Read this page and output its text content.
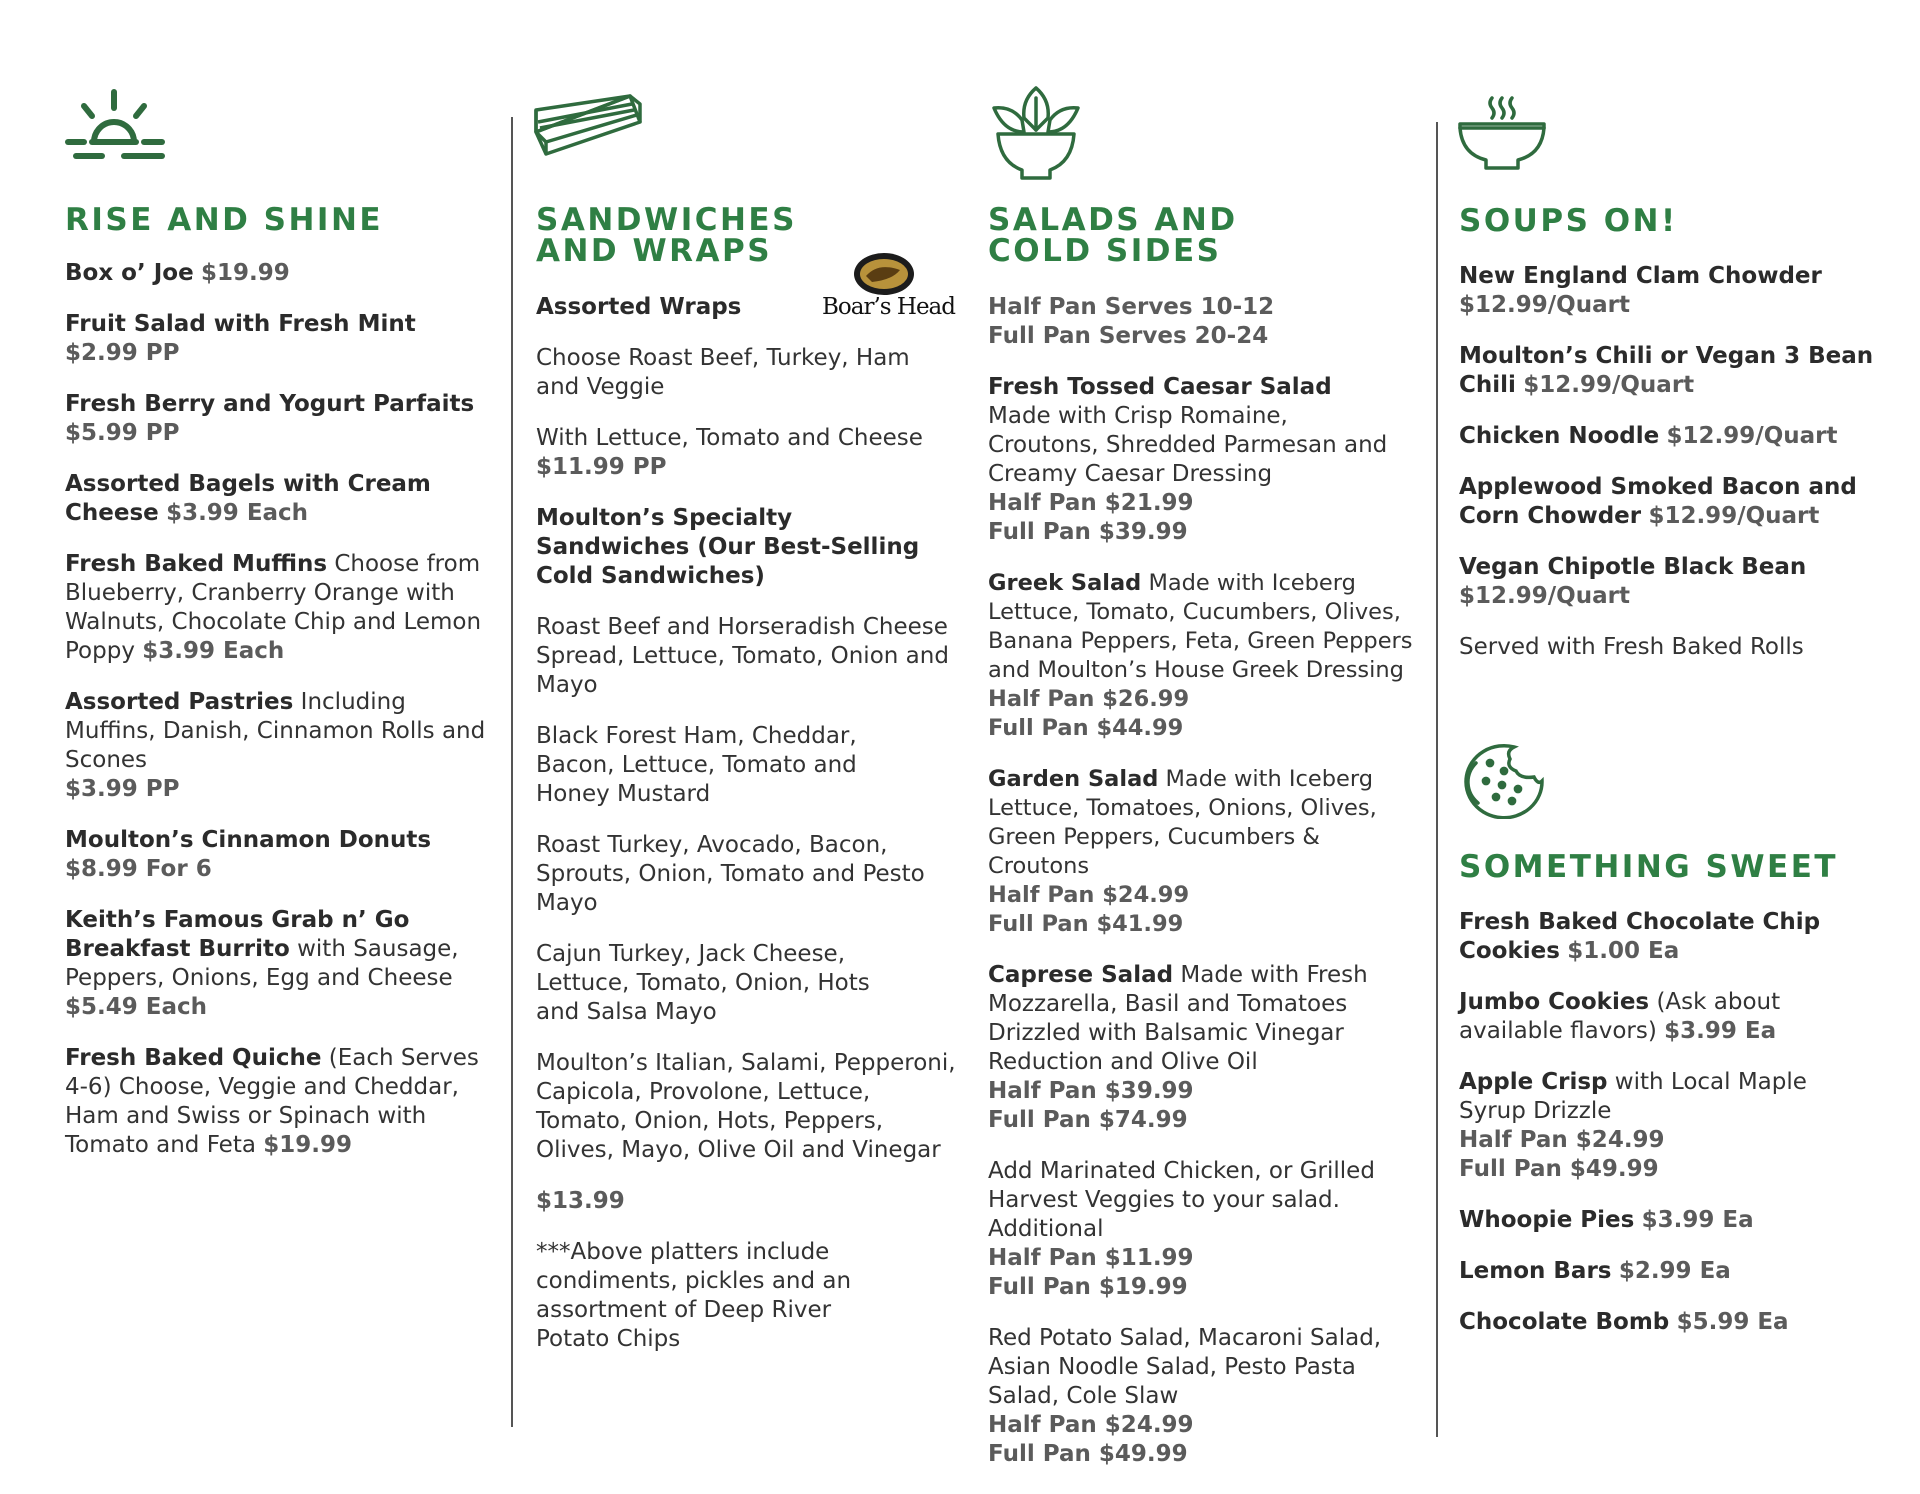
RISE AND SHINE
Box o’ Joe $19.99
Fruit Salad with Fresh Mint
$2.99 PP
Fresh Berry and Yogurt Parfaits
$5.99 PP
Assorted Bagels with Cream Cheese $3.99 Each
Fresh Baked Muffins Choose from Blueberry, Cranberry Orange with Walnuts, Chocolate Chip and Lemon Poppy $3.99 Each
Assorted Pastries Including Muffins, Danish, Cinnamon Rolls and Scones
$3.99 PP
Moulton’s Cinnamon Donuts
$8.99 For 6
Keith’s Famous Grab n’ Go Breakfast Burrito with Sausage, Peppers, Onions, Egg and Cheese
$5.49 Each
Fresh Baked Quiche (Each Serves 4-6) Choose, Veggie and Cheddar, Ham and Swiss or Spinach with Tomato and Feta $19.99
SANDWICHES
AND WRAPS
Boar’s Head
Assorted Wraps
Choose Roast Beef, Turkey, Ham and Veggie
With Lettuce, Tomato and Cheese
$11.99 PP
Moulton’s Specialty Sandwiches (Our Best-Selling Cold Sandwiches)
Roast Beef and Horseradish Cheese Spread, Lettuce, Tomato, Onion and Mayo
Black Forest Ham, Cheddar, Bacon, Lettuce, Tomato and Honey Mustard
Roast Turkey, Avocado, Bacon, Sprouts, Onion, Tomato and Pesto Mayo
Cajun Turkey, Jack Cheese, Lettuce, Tomato, Onion, Hots and Salsa Mayo
Moulton’s Italian, Salami, Pepperoni, Capicola, Provolone, Lettuce, Tomato, Onion, Hots, Peppers, Olives, Mayo, Olive Oil and Vinegar
$13.99
***Above platters include condiments, pickles and an assortment of Deep River Potato Chips
SALADS AND
COLD SIDES
Half Pan Serves 10-12
Full Pan Serves 20-24
Fresh Tossed Caesar Salad Made with Crisp Romaine, Croutons, Shredded Parmesan and Creamy Caesar Dressing
Half Pan $21.99
Full Pan $39.99
Greek Salad Made with Iceberg Lettuce, Tomato, Cucumbers, Olives, Banana Peppers, Feta, Green Peppers and Moulton’s House Greek Dressing
Half Pan $26.99
Full Pan $44.99
Garden Salad Made with Iceberg Lettuce, Tomatoes, Onions, Olives, Green Peppers, Cucumbers & Croutons
Half Pan $24.99
Full Pan $41.99
Caprese Salad Made with Fresh Mozzarella, Basil and Tomatoes Drizzled with Balsamic Vinegar Reduction and Olive Oil
Half Pan $39.99
Full Pan $74.99
Add Marinated Chicken, or Grilled Harvest Veggies to your salad. Additional
Half Pan $11.99
Full Pan $19.99
Red Potato Salad, Macaroni Salad, Asian Noodle Salad, Pesto Pasta Salad, Cole Slaw
Half Pan $24.99
Full Pan $49.99
SOUPS ON!
New England Clam Chowder
$12.99/Quart
Moulton’s Chili or Vegan 3 Bean Chili $12.99/Quart
Chicken Noodle $12.99/Quart
Applewood Smoked Bacon and Corn Chowder $12.99/Quart
Vegan Chipotle Black Bean
$12.99/Quart
Served with Fresh Baked Rolls
SOMETHING SWEET
Fresh Baked Chocolate Chip Cookies $1.00 Ea
Jumbo Cookies (Ask about available flavors) $3.99 Ea
Apple Crisp with Local Maple Syrup Drizzle
Half Pan $24.99
Full Pan $49.99
Whoopie Pies $3.99 Ea
Lemon Bars $2.99 Ea
Chocolate Bomb $5.99 Ea
